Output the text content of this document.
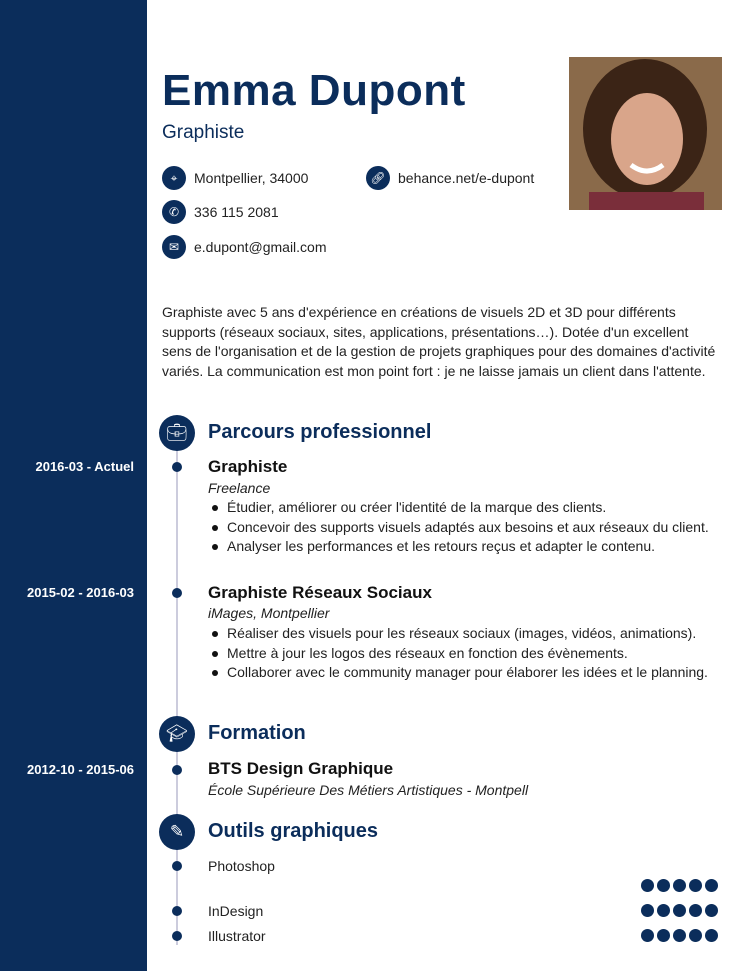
Emma Dupont
Graphiste
⌖	Montpellier, 34000	🔗︎ behance.net/e-dupont
✆	336 115 2081
✉	e.dupont@gmail.com
Graphiste avec 5 ans d'expérience en créations de visuels 2D et 3D pour différents supports (réseaux sociaux, sites, applications, présentations…). Dotée d'un excellent sens de l'organisation et de la gestion de projets graphiques pour des domaines d'activité variés. La communication est mon point fort : je ne laisse jamais un client dans l'attente.
💼︎	Parcours professionnel
2016-03 - Actuel	Graphiste
Freelance
Étudier, améliorer ou créer l'identité de la marque des clients.
Concevoir des supports visuels adaptés aux besoins et aux réseaux du client.
Analyser les performances et les retours reçus et adapter le contenu.
2015-02 - 2016-03	Graphiste Réseaux Sociaux
iMages, Montpellier
Réaliser des visuels pour les réseaux sociaux (images, vidéos, animations).
Mettre à jour les logos des réseaux en fonction des évènements.
Collaborer avec le community manager pour élaborer les idées et le planning.
🎓︎	Formation
2012-10 - 2015-06	BTS Design Graphique
École Supérieure Des Métiers Artistiques - Montpell
✎	Outils graphiques
Photoshop
InDesign
Illustrator
